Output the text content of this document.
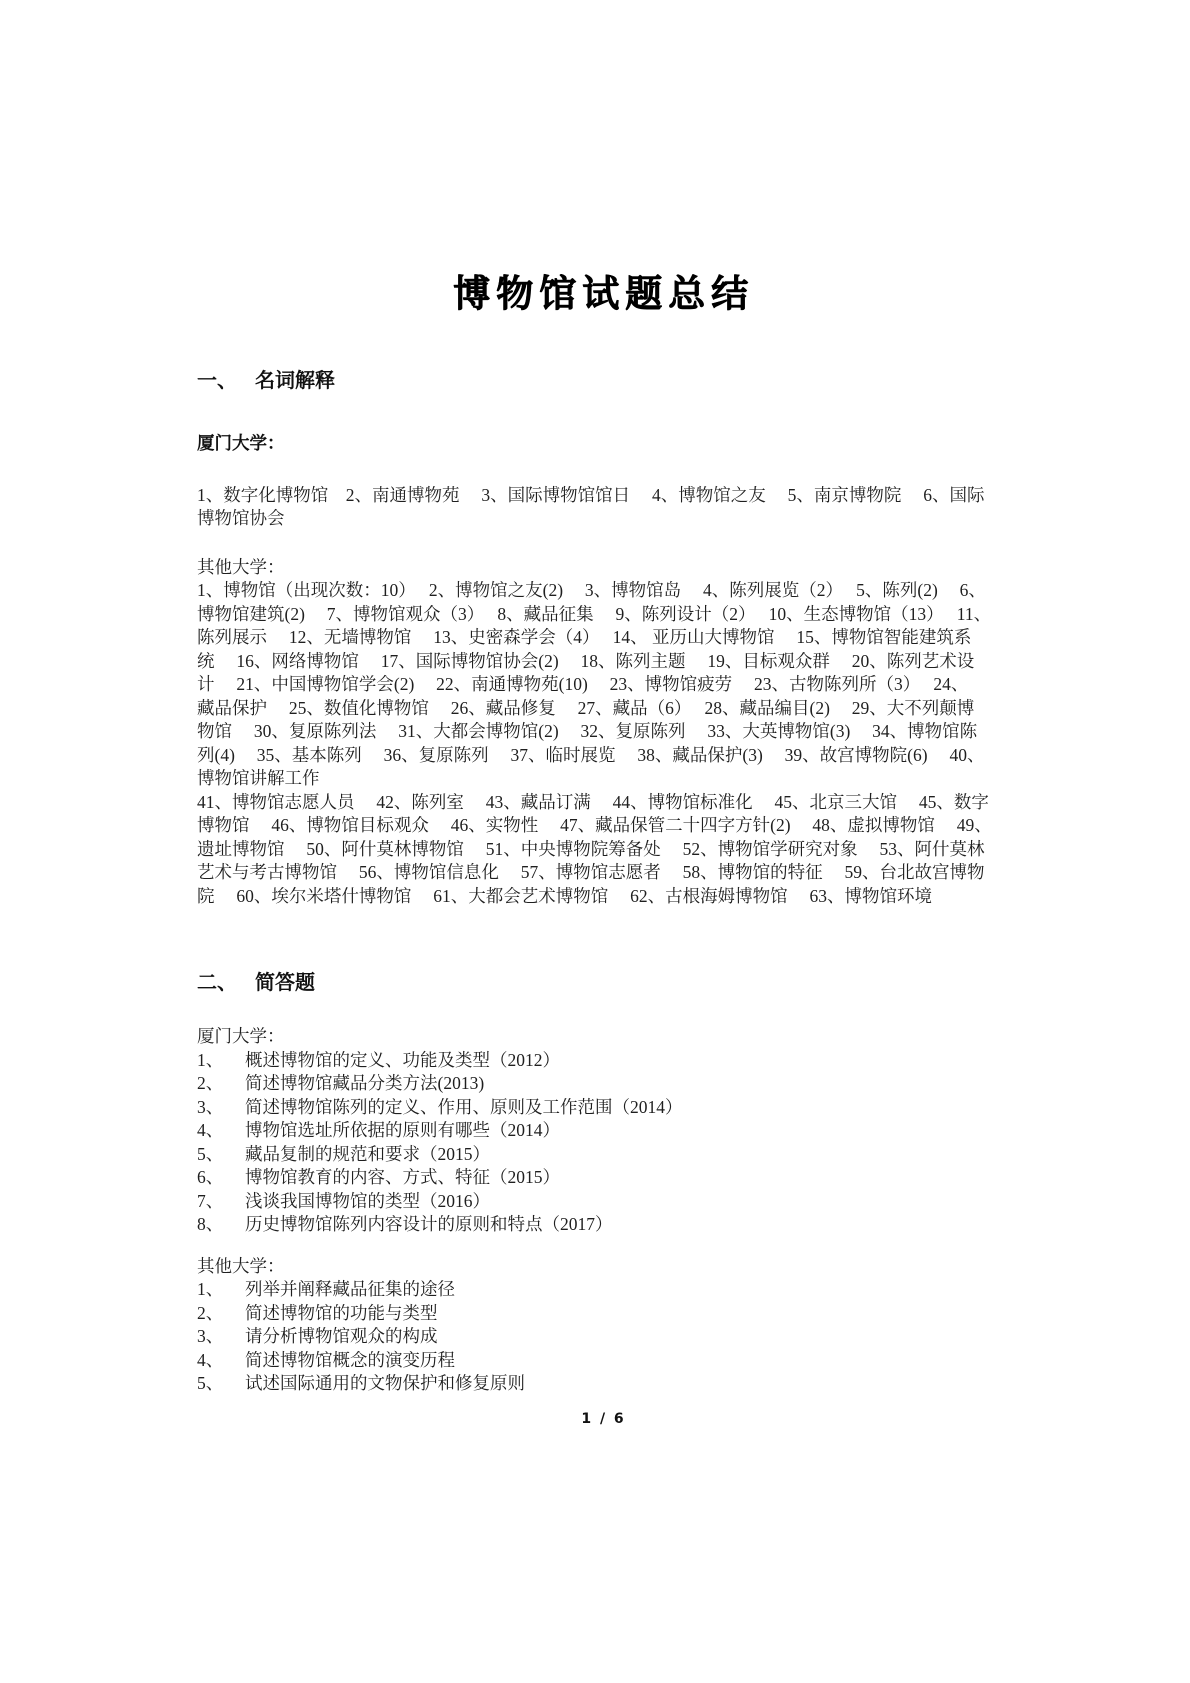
博物馆试题总结
一、 名词解释
厦门大学：
1、数字化博物馆　2、南通博物苑　 3、国际博物馆馆日　 4、博物馆之友　 5、南京博物院　 6、国际
博物馆协会
其他大学：
1、博物馆（出现次数：10）　 2、博物馆之友(2)　 3、博物馆岛　 4、陈列展览（2）　 5、陈列(2)　 6、
博物馆建筑(2)　 7、博物馆观众（3）　 8、藏品征集　 9、陈列设计（2）　 10、生态博物馆（13）　 11、
陈列展示　 12、无墙博物馆　 13、史密森学会（4）　 14、 亚历山大博物馆　 15、博物馆智能建筑系
统　 16、网络博物馆　 17、国际博物馆协会(2)　 18、陈列主题　 19、目标观众群　 20、陈列艺术设
计　 21、中国博物馆学会(2)　 22、南通博物苑(10)　 23、博物馆疲劳　 23、古物陈列所（3）　 24、
藏品保护　 25、数值化博物馆　 26、藏品修复　 27、藏品（6）　 28、藏品编目(2)　 29、大不列颠博
物馆　 30、复原陈列法　 31、大都会博物馆(2)　 32、复原陈列　 33、大英博物馆(3)　 34、博物馆陈
列(4)　 35、基本陈列　 36、复原陈列　 37、临时展览　 38、藏品保护(3)　 39、故宫博物院(6)　 40、
博物馆讲解工作
41、博物馆志愿人员　 42、陈列室　 43、藏品订满　 44、博物馆标准化　 45、北京三大馆　 45、数字
博物馆　 46、博物馆目标观众　 46、实物性　 47、藏品保管二十四字方针(2)　 48、虚拟博物馆　 49、
遗址博物馆　 50、阿什莫林博物馆　 51、中央博物院筹备处　 52、博物馆学研究对象　 53、阿什莫林
艺术与考古博物馆　 56、博物馆信息化　 57、博物馆志愿者　 58、博物馆的特征　 59、台北故宫博物
院　 60、埃尔米塔什博物馆　 61、大都会艺术博物馆　 62、古根海姆博物馆　 63、博物馆环境
二、 简答题
厦门大学：
1、	概述博物馆的定义、功能及类型（2012）
2、	简述博物馆藏品分类方法(2013)
3、	简述博物馆陈列的定义、作用、原则及工作范围（2014）
4、	博物馆选址所依据的原则有哪些（2014）
5、	藏品复制的规范和要求（2015）
6、	博物馆教育的内容、方式、特征（2015）
7、	浅谈我国博物馆的类型（2016）
8、	历史博物馆陈列内容设计的原则和特点（2017）
其他大学：
1、	列举并阐释藏品征集的途径
2、	简述博物馆的功能与类型
3、	请分析博物馆观众的构成
4、	简述博物馆概念的演变历程
5、	试述国际通用的文物保护和修复原则
1 / 6
